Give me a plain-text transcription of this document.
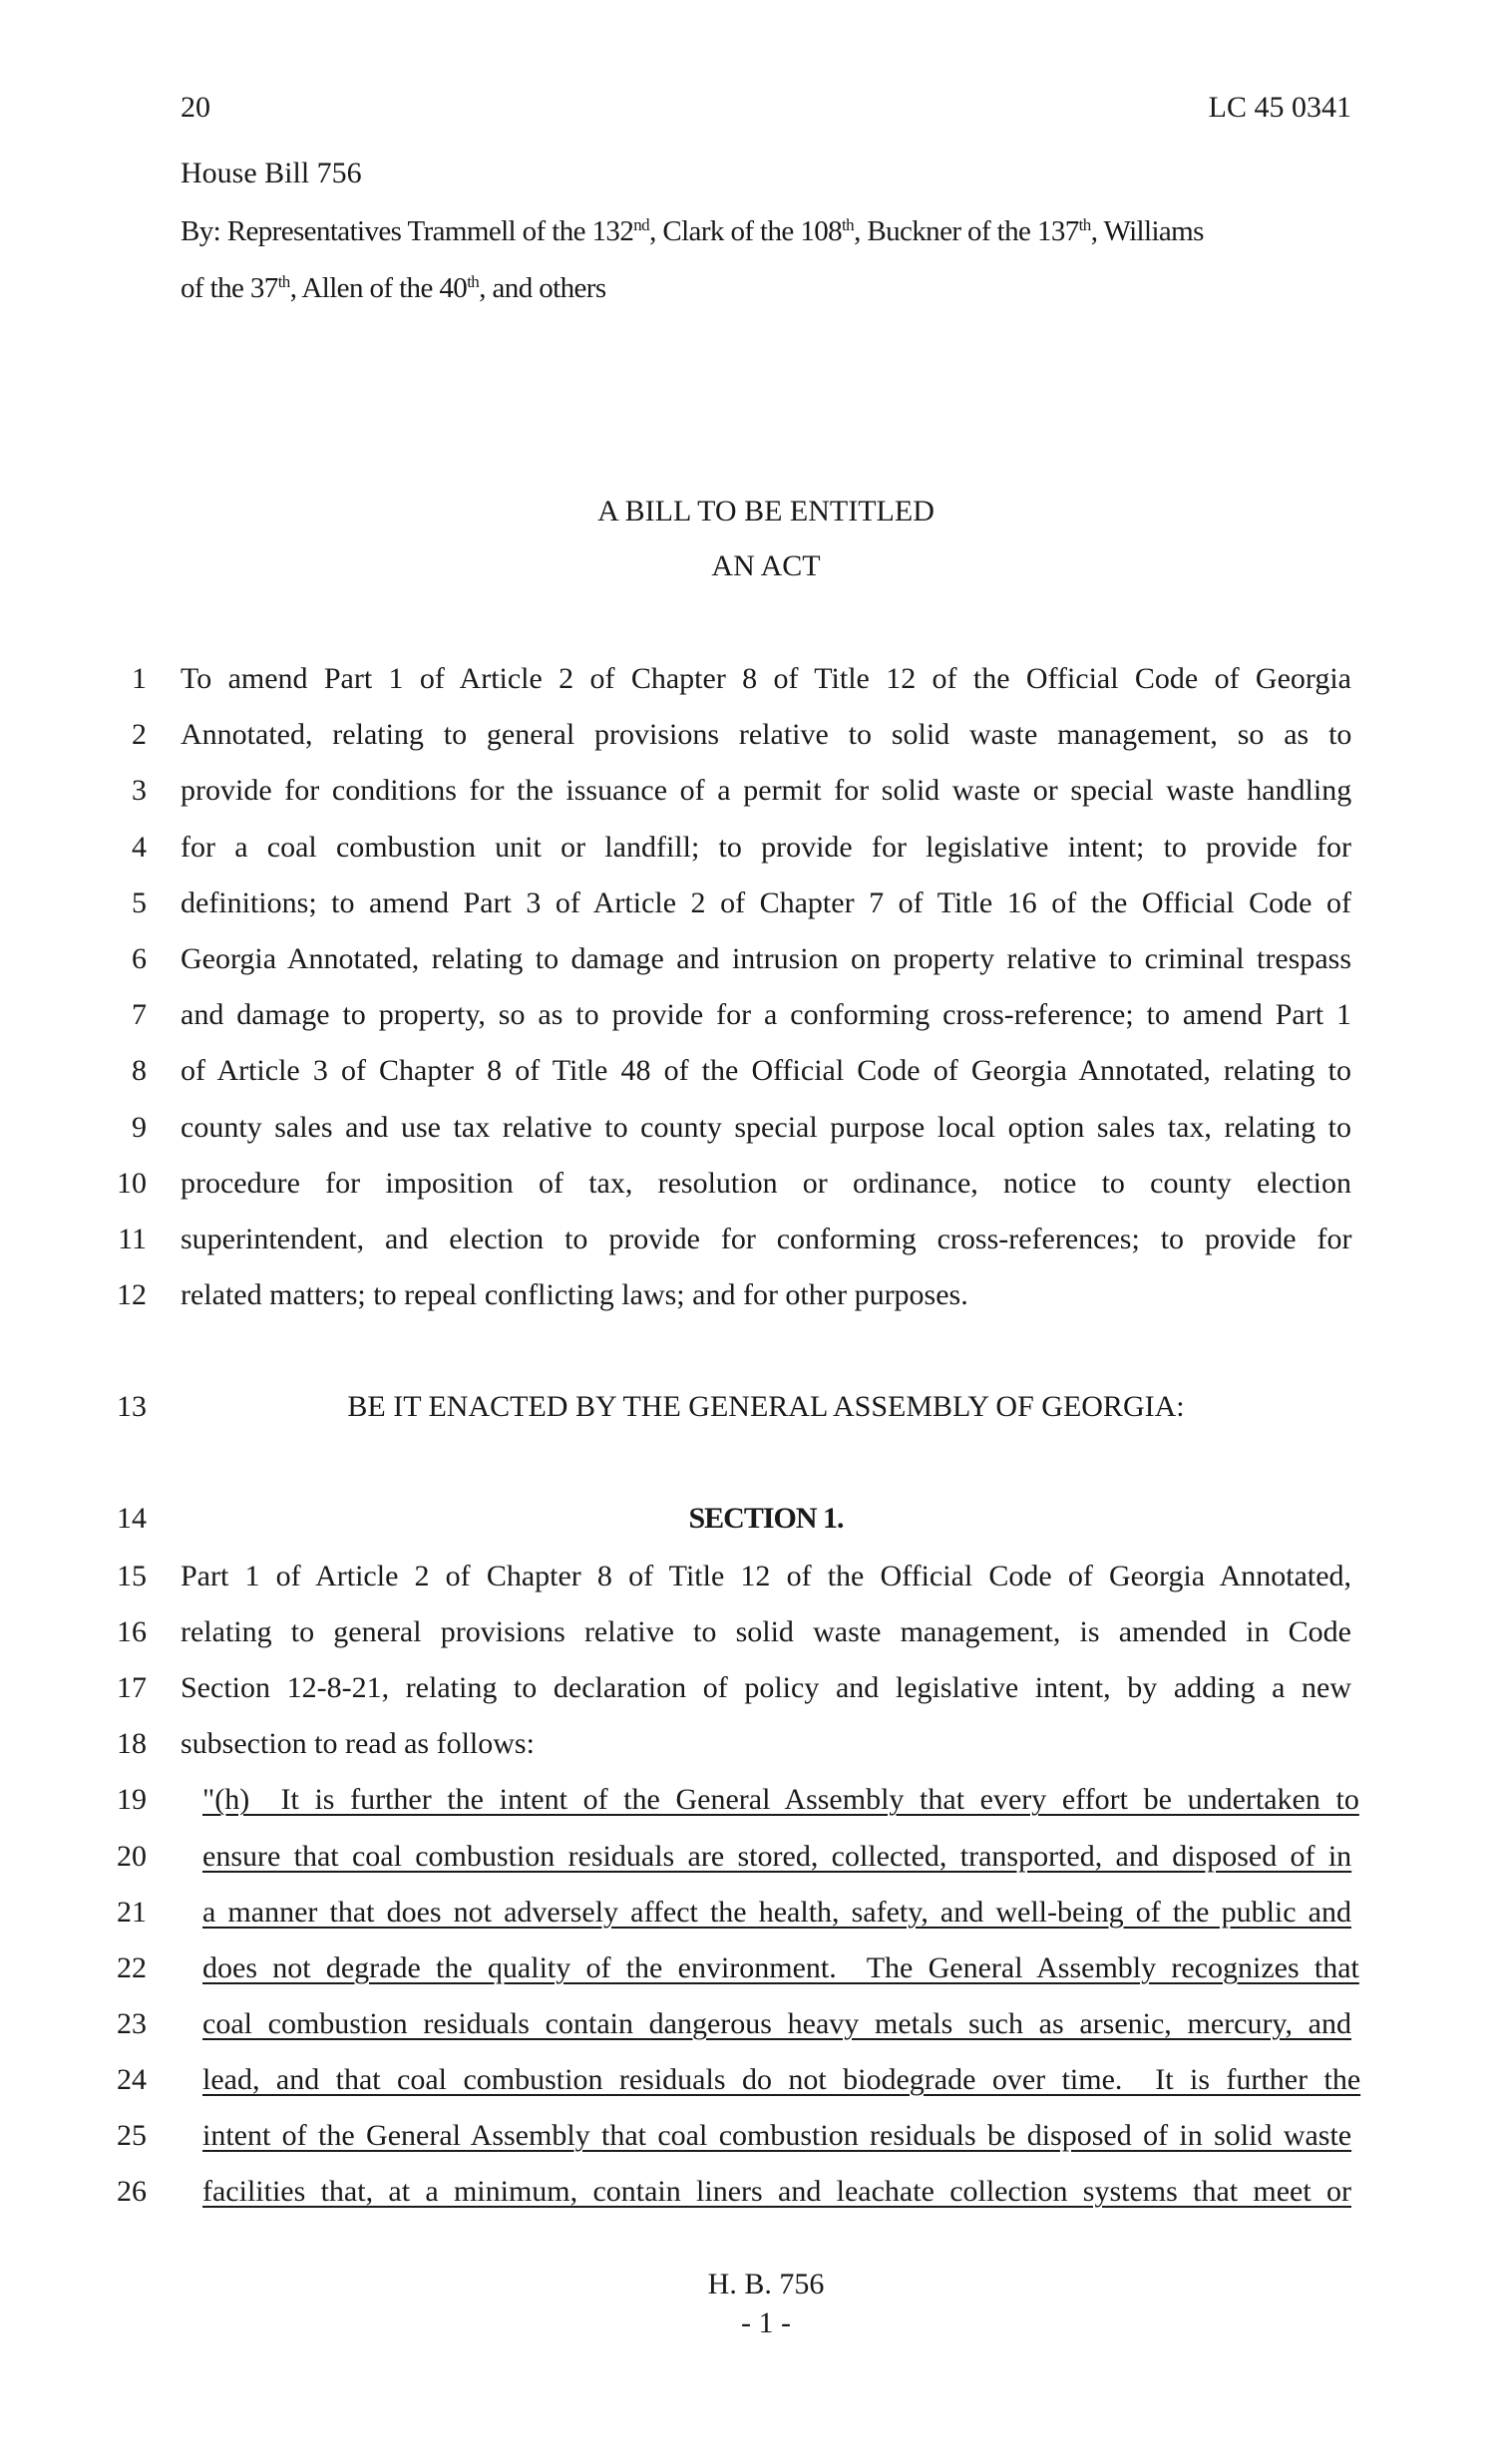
20	LC 45 0341
House Bill 756
By: Representatives Trammell of the 132nd, Clark of the 108th, Buckner of the 137th, Williams
of the 37th, Allen of the 40th, and others
A BILL TO BE ENTITLED
AN ACT
1 To amend Part 1 of Article 2 of Chapter 8 of Title 12 of the Official Code of Georgia
2 Annotated, relating to general provisions relative to solid waste management, so as to
3 provide for conditions for the issuance of a permit for solid waste or special waste handling
4 for a coal combustion unit or landfill; to provide for legislative intent; to provide for
5 definitions; to amend Part 3 of Article 2 of Chapter 7 of Title 16 of the Official Code of
6 Georgia Annotated, relating to damage and intrusion on property relative to criminal trespass
7 and damage to property, so as to provide for a conforming cross-reference; to amend Part 1
8 of Article 3 of Chapter 8 of Title 48 of the Official Code of Georgia Annotated, relating to
9 county sales and use tax relative to county special purpose local option sales tax, relating to
10 procedure for imposition of tax, resolution or ordinance, notice to county election
11 superintendent, and election to provide for conforming cross-references; to provide for
12 related matters; to repeal conflicting laws; and for other purposes.
13	BE IT ENACTED BY THE GENERAL ASSEMBLY OF GEORGIA:
14	SECTION 1.
15 Part 1 of Article 2 of Chapter 8 of Title 12 of the Official Code of Georgia Annotated,
16 relating to general provisions relative to solid waste management, is amended in Code
17 Section 12-8-21, relating to declaration of policy and legislative intent, by adding a new
18 subsection to read as follows:
19 "(h)  It is further the intent of the General Assembly that every effort be undertaken to
20 ensure that coal combustion residuals are stored, collected, transported, and disposed of in
21 a manner that does not adversely affect the health, safety, and well-being of the public and
22 does not degrade the quality of the environment.  The General Assembly recognizes that
23 coal combustion residuals contain dangerous heavy metals such as arsenic, mercury, and
24 lead, and that coal combustion residuals do not biodegrade over time.  It is further the
25 intent of the General Assembly that coal combustion residuals be disposed of in solid waste
26 facilities that, at a minimum, contain liners and leachate collection systems that meet or
H. B. 756
- 1 -
